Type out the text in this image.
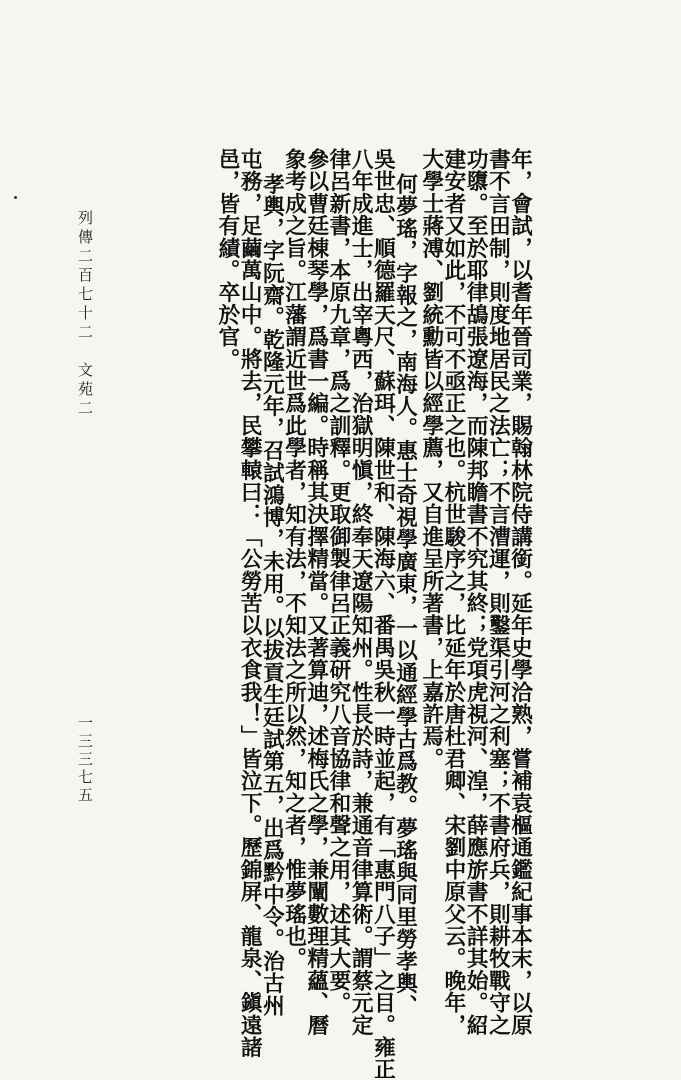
列傳二百七十二　文苑二
一三三七五	年，會試，以耆年晉司業，賜翰林院侍講銜。延年史學洽熟，嘗補袁樞通鑑紀事本末，以原
書不言田制，則度地居民之法亡；不言漕運，則鑿渠引河之利塞；不書府兵，則耕牧戰守之
功隳。至於耶律鴣張遼海，而陳邦瞻書不究其終；党項虎視河、湟，薛應旂書不詳其始。紹
建安者又如此，不可不亟正之也。杭世駿序之，比延年於唐杜君卿、宋劉中原父云。晚年，
大學士蔣溥、劉統勳皆以經學薦，又自進呈所著書，上嘉許焉。
何夢瑤，字報之，南海人。惠士奇視學廣東，一以通經學古爲教。夢瑤與同里勞孝輿、
吳世忠、順德羅天尺、蘇珥、陳世和、陳海六、番禺吳秋一時並起，有「惠門八子」之目。雍正
八年成進士，出宰粵西，治獄明愼，終奉天遼陽知州。性長於詩，兼通音律算術。謂蔡元定
律呂新書，本原九章，爲之訓釋。更取御製律呂正義研究八音協律和聲之用，述其大要。
參以曹廷棟琴學，爲書一編。時稱其決擇精當。又著算迪，述梅氏之學，兼闡數理精蘊、曆
象考成之旨。江藩謂近世爲此學者，知有法，不知法之所以然，知之者，惟夢瑤也。
孝輿，字阮齋。乾隆元年，召試鴻博，未用。以拔貢生廷試第五，出爲黔中令。治古州
屯務，足繭萬山中。將去，民攀轅曰：「公勞苦以衣食我！」皆泣下。歷錦屏、龍泉、鎭遠諸
邑，皆有績。卒於官。
